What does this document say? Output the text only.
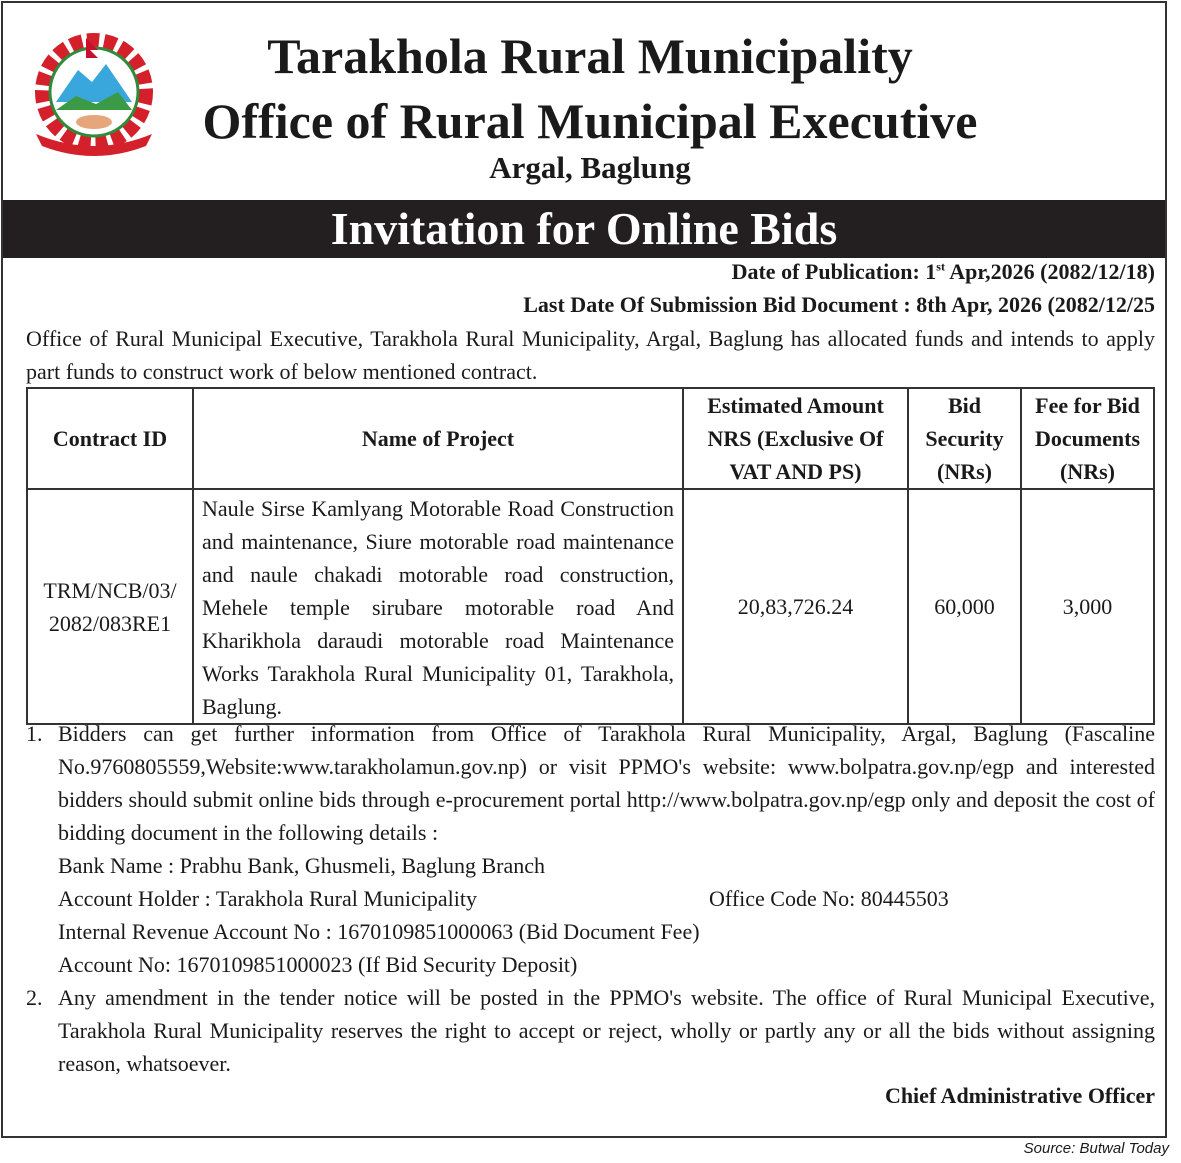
Tarakhola Rural Municipality
Office of Rural Municipal Executive
Argal, Baglung
Invitation for Online Bids
Date of Publication: 1st Apr,2026 (2082/12/18)
Last Date Of Submission Bid Document : 8th Apr, 2026 (2082/12/25
Office of Rural Municipal Executive, Tarakhola Rural Municipality, Argal, Baglung has allocated funds and intends to apply part funds to construct work of below mentioned contract.
Contract ID	Name of Project	Estimated Amount NRS (Exclusive Of VAT AND PS)	Bid Security (NRs)	Fee for Bid Documents (NRs)
TRM/NCB/03/ 2082/083RE1	Naule Sirse Kamlyang Motorable Road Construction and maintenance, Siure motorable road maintenance and naule chakadi motorable road construction, Mehele temple sirubare motorable road And Kharikhola daraudi motorable road Maintenance Works Tarakhola Rural Municipality 01, Tarakhola, Baglung.	20,83,726.24	60,000	3,000
1. Bidders can get further information from Office of Tarakhola Rural Municipality, Argal, Baglung (Fascaline No.9760805559,Website:www.tarakholamun.gov.np) or visit PPMO's website: www.bolpatra.gov.np/egp and interested bidders should submit online bids through e-procurement portal http://www.bolpatra.gov.np/egp only and deposit the cost of bidding document in the following details :
Bank Name : Prabhu Bank, Ghusmeli, Baglung Branch
Account Holder : Tarakhola Rural Municipality	Office Code No: 80445503
Internal Revenue Account No : 1670109851000063 (Bid Document Fee)
Account No: 1670109851000023 (If Bid Security Deposit)
2. Any amendment in the tender notice will be posted in the PPMO's website. The office of Rural Municipal Executive, Tarakhola Rural Municipality reserves the right to accept or reject, wholly or partly any or all the bids without assigning reason, whatsoever.
Chief Administrative Officer
Source: Butwal Today
